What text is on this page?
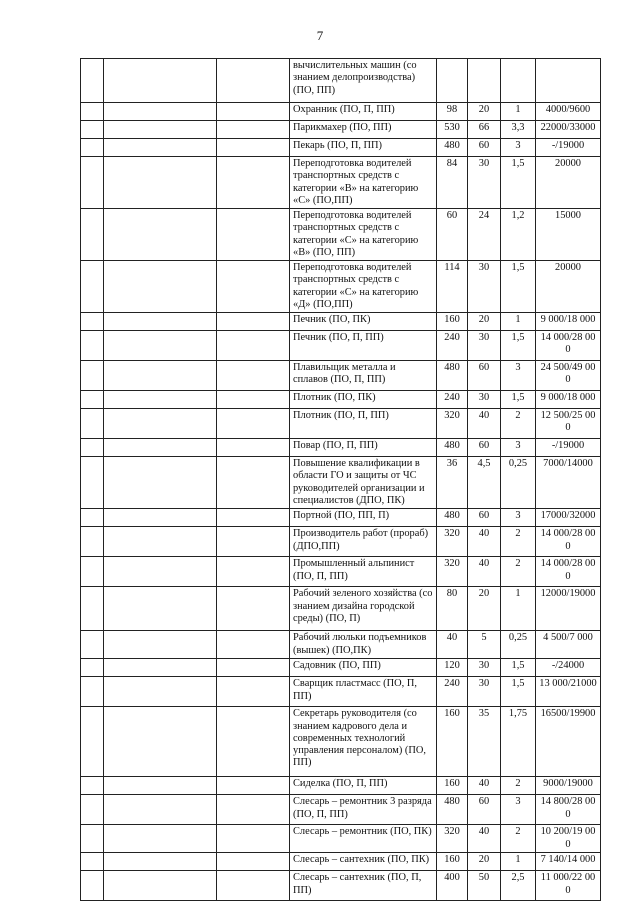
7
			вычислительных машин (со знанием делопроизводства) (ПО, ПП)				
			Охранник (ПО, П, ПП)	98	20	1	4000/9600
			Парикмахер (ПО, ПП)	530	66	3,3	22000/33000
			Пекарь (ПО, П, ПП)	480	60	3	-/19000
			Переподготовка водителей транспортных средств с категории «В» на категорию «С» (ПО,ПП)	84	30	1,5	20000
			Переподготовка водителей транспортных средств с категории «С» на категорию «В» (ПО, ПП)	60	24	1,2	15000
			Переподготовка водителей транспортных средств с категории «С» на категорию «Д» (ПО,ПП)	114	30	1,5	20000
			Печник (ПО, ПК)	160	20	1	9 000/18 000
			Печник (ПО, П, ПП)	240	30	1,5	14 000/28 000
			Плавильщик металла и сплавов (ПО, П, ПП)	480	60	3	24 500/49 000
			Плотник (ПО, ПК)	240	30	1,5	9 000/18 000
			Плотник (ПО, П, ПП)	320	40	2	12 500/25 000
			Повар (ПО, П, ПП)	480	60	3	-/19000
			Повышение квалификации в области ГО и защиты от ЧС руководителей организации и специалистов (ДПО, ПК)	36	4,5	0,25	7000/14000
			Портной (ПО, ПП, П)	480	60	3	17000/32000
			Производитель работ (прораб) (ДПО,ПП)	320	40	2	14 000/28 000
			Промышленный альпинист (ПО, П, ПП)	320	40	2	14 000/28 000
			Рабочий зеленого хозяйства (со знанием дизайна городской среды) (ПО, П)	80	20	1	12000/19000
			Рабочий люльки подъемников (вышек) (ПО,ПК)	40	5	0,25	4 500/7 000
			Садовник (ПО, ПП)	120	30	1,5	-/24000
			Сварщик пластмасс (ПО, П, ПП)	240	30	1,5	13 000/21000
			Секретарь руководителя (со знанием кадрового дела и современных технологий управления персоналом) (ПО, ПП)	160	35	1,75	16500/19900
			Сиделка (ПО, П, ПП)	160	40	2	9000/19000
			Слесарь – ремонтник 3 разряда (ПО, П, ПП)	480	60	3	14 800/28 000
			Слесарь – ремонтник (ПО, ПК)	320	40	2	10 200/19 000
			Слесарь – сантехник (ПО, ПК)	160	20	1	7 140/14 000
			Слесарь – сантехник (ПО, П, ПП)	400	50	2,5	11 000/22 000
